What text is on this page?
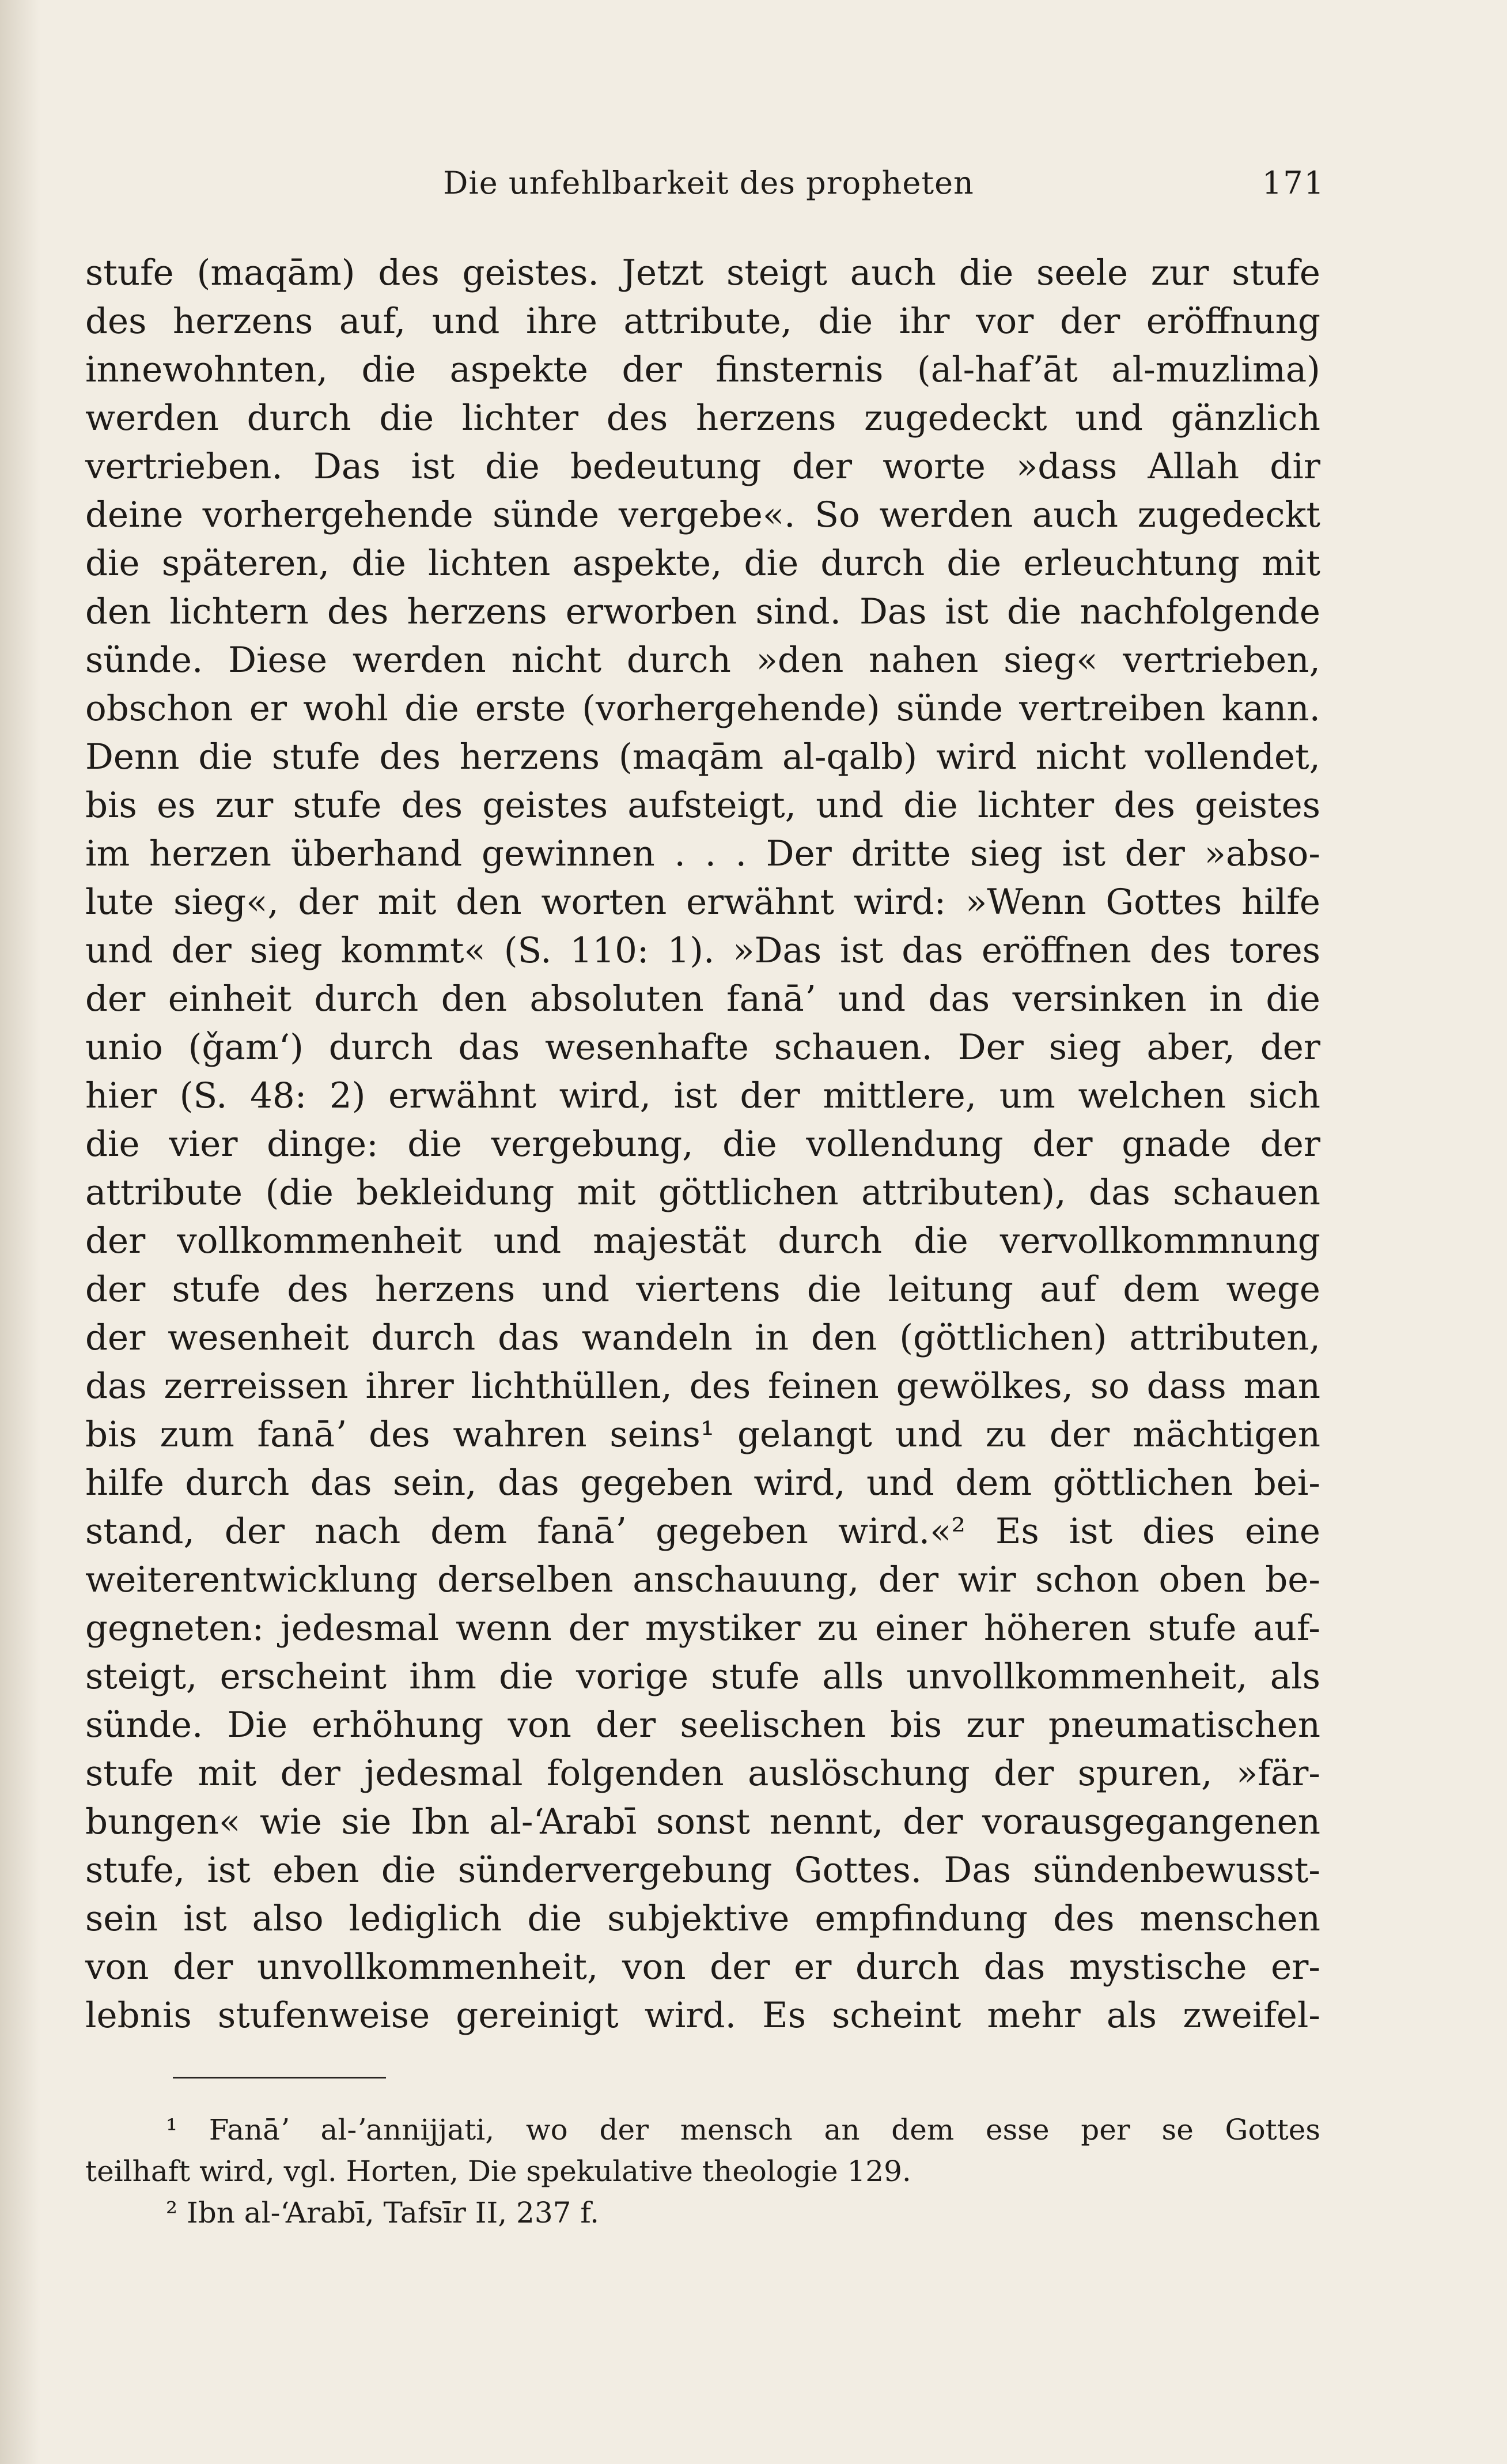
Die unfehlbarkeit des propheten	171
stufe (maqām) des geistes. Jetzt steigt auch die seele zur stufe
des herzens auf, und ihre attribute, die ihr vor der eröffnung
innewohnten, die aspekte der finsternis (al-hafʼāt al-muzlima)
werden durch die lichter des herzens zugedeckt und gänzlich
vertrieben. Das ist die bedeutung der worte »dass Allah dir
deine vorhergehende sünde vergebe«. So werden auch zugedeckt
die späteren, die lichten aspekte, die durch die erleuchtung mit
den lichtern des herzens erworben sind. Das ist die nachfolgende
sünde. Diese werden nicht durch »den nahen sieg« vertrieben,
obschon er wohl die erste (vorhergehende) sünde vertreiben kann.
Denn die stufe des herzens (maqām al-qalb) wird nicht vollendet,
bis es zur stufe des geistes aufsteigt, und die lichter des geistes
im herzen überhand gewinnen . . . Der dritte sieg ist der »abso-
lute sieg«, der mit den worten erwähnt wird: »Wenn Gottes hilfe
und der sieg kommt« (S. 110: 1). »Das ist das eröffnen des tores
der einheit durch den absoluten fanāʼ und das versinken in die
unio (ǧamʻ) durch das wesenhafte schauen. Der sieg aber, der
hier (S. 48: 2) erwähnt wird, ist der mittlere, um welchen sich
die vier dinge: die vergebung, die vollendung der gnade der
attribute (die bekleidung mit göttlichen attributen), das schauen
der vollkommenheit und majestät durch die vervollkommnung
der stufe des herzens und viertens die leitung auf dem wege
der wesenheit durch das wandeln in den (göttlichen) attributen,
das zerreissen ihrer lichthüllen, des feinen gewölkes, so dass man
bis zum fanāʼ des wahren seins¹ gelangt und zu der mächtigen
hilfe durch das sein, das gegeben wird, und dem göttlichen bei-
stand, der nach dem fanāʼ gegeben wird.«² Es ist dies eine
weiterentwicklung derselben anschauung, der wir schon oben be-
gegneten: jedesmal wenn der mystiker zu einer höheren stufe auf-
steigt, erscheint ihm die vorige stufe alls unvollkommenheit, als
sünde. Die erhöhung von der seelischen bis zur pneumatischen
stufe mit der jedesmal folgenden auslöschung der spuren, »fär-
bungen« wie sie Ibn al-ʻArabī sonst nennt, der vorausgegangenen
stufe, ist eben die sündervergebung Gottes. Das sündenbewusst-
sein ist also lediglich die subjektive empfindung des menschen
von der unvollkommenheit, von der er durch das mystische er-
lebnis stufenweise gereinigt wird. Es scheint mehr als zweifel-
¹ Fanāʼ al-ʼannijjati, wo der mensch an dem esse per se Gottes
teilhaft wird, vgl. Horten, Die spekulative theologie 129.
² Ibn al-ʻArabī, Tafsīr II, 237 f.
